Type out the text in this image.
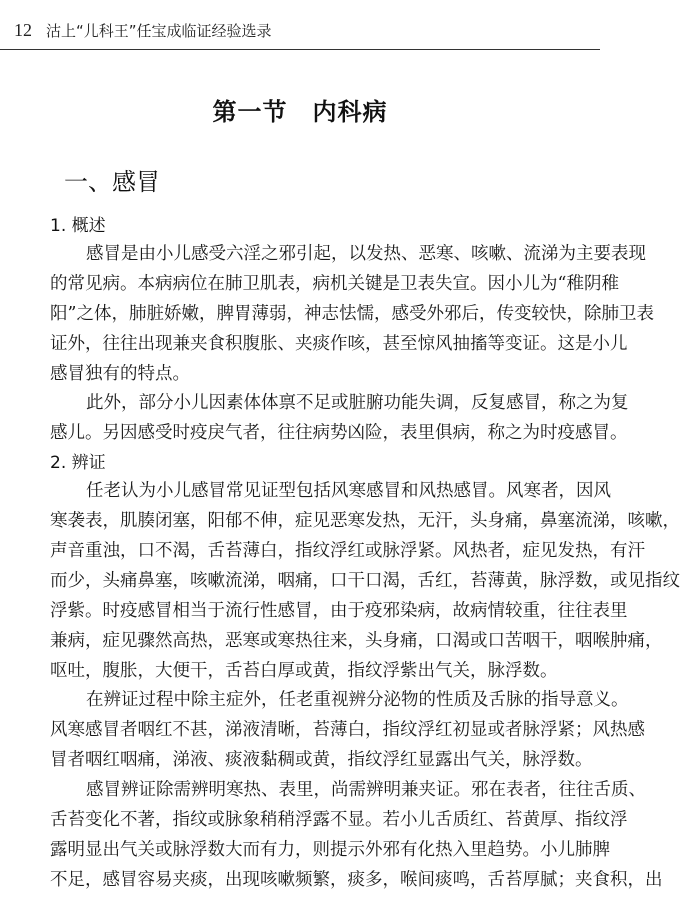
12 沽上“儿科王”任宝成临证经验选录
第一节　内科病
一、感冒
1. 概述
感冒是由小儿感受六淫之邪引起，以发热、恶寒、咳嗽、流涕为主要表现
的常见病。本病病位在肺卫肌表，病机关键是卫表失宣。因小儿为“稚阴稚
阳”之体，肺脏娇嫩，脾胃薄弱，神志怯懦，感受外邪后，传变较快，除肺卫表
证外，往往出现兼夹食积腹胀、夹痰作咳，甚至惊风抽搐等变证。这是小儿
感冒独有的特点。
此外，部分小儿因素体体禀不足或脏腑功能失调，反复感冒，称之为复
感儿。另因感受时疫戾气者，往往病势凶险，表里俱病，称之为时疫感冒。
2. 辨证
任老认为小儿感冒常见证型包括风寒感冒和风热感冒。风寒者，因风
寒袭表，肌腠闭塞，阳郁不伸，症见恶寒发热，无汗，头身痛，鼻塞流涕，咳嗽，
声音重浊，口不渴，舌苔薄白，指纹浮红或脉浮紧。风热者，症见发热，有汗
而少，头痛鼻塞，咳嗽流涕，咽痛，口干口渴，舌红，苔薄黄，脉浮数，或见指纹
浮紫。时疫感冒相当于流行性感冒，由于疫邪染病，故病情较重，往往表里
兼病，症见骤然高热，恶寒或寒热往来，头身痛，口渴或口苦咽干，咽喉肿痛，
呕吐，腹胀，大便干，舌苔白厚或黄，指纹浮紫出气关，脉浮数。
在辨证过程中除主症外，任老重视辨分泌物的性质及舌脉的指导意义。
风寒感冒者咽红不甚，涕液清晰，苔薄白，指纹浮红初显或者脉浮紧；风热感
冒者咽红咽痛，涕液、痰液黏稠或黄，指纹浮红显露出气关，脉浮数。
感冒辨证除需辨明寒热、表里，尚需辨明兼夹证。邪在表者，往往舌质、
舌苔变化不著，指纹或脉象稍稍浮露不显。若小儿舌质红、苔黄厚、指纹浮
露明显出气关或脉浮数大而有力，则提示外邪有化热入里趋势。小儿肺脾
不足，感冒容易夹痰，出现咳嗽频繁，痰多，喉间痰鸣，舌苔厚腻；夹食积，出
